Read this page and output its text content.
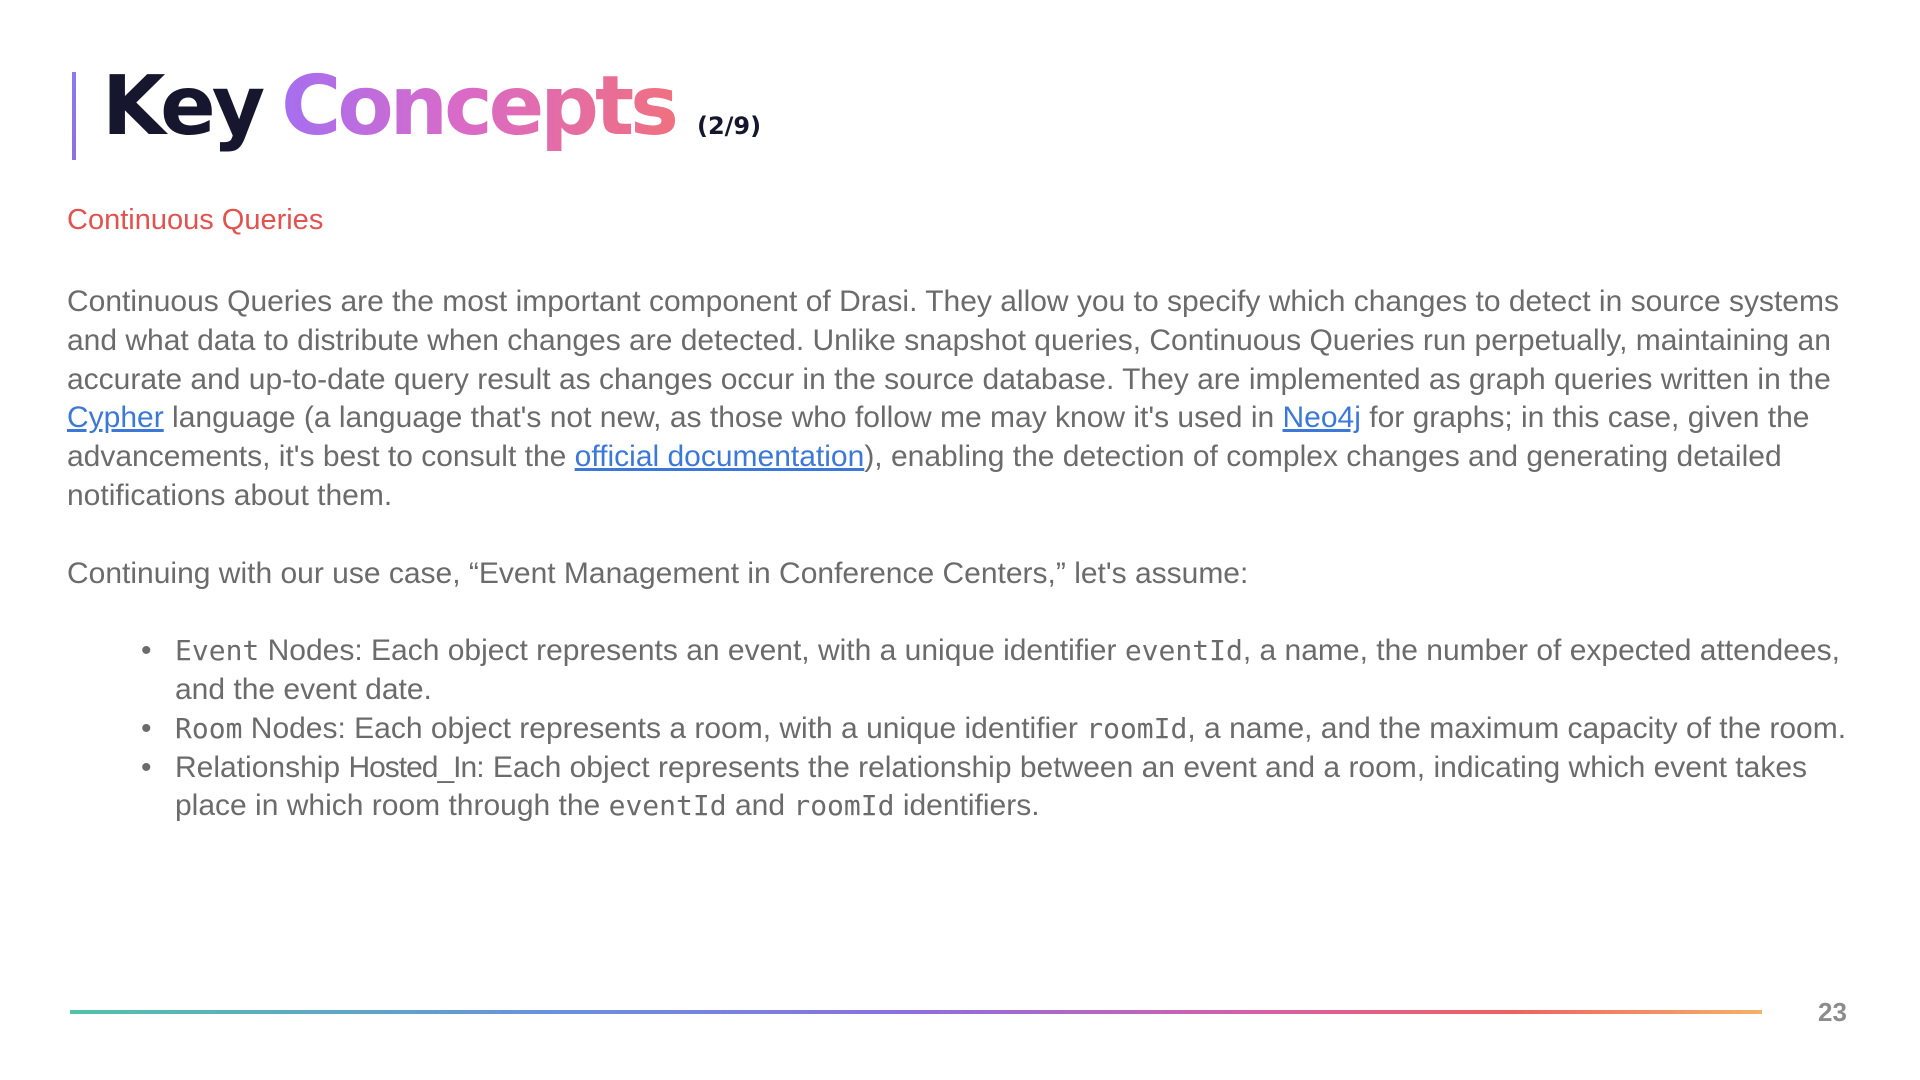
Key Concepts (2/9)
Continuous Queries

Continuous Queries are the most important component of Drasi. They allow you to specify which changes to detect in source systems and what data to distribute when changes are detected. Unlike snapshot queries, Continuous Queries run perpetually, maintaining an accurate and up-to-date query result as changes occur in the source database. They are implemented as graph queries written in the Cypher language (a language that's not new, as those who follow me may know it's used in Neo4j for graphs; in this case, given the advancements, it's best to consult the official documentation), enabling the detection of complex changes and generating detailed notifications about them.

Continuing with our use case, “Event Management in Conference Centers,” let's assume:

• Event Nodes: Each object represents an event, with a unique identifier eventId, a name, the number of expected attendees, and the event date.
• Room Nodes: Each object represents a room, with a unique identifier roomId, a name, and the maximum capacity of the room.
• Relationship Hosted_In: Each object represents the relationship between an event and a room, indicating which event takes place in which room through the eventId and roomId identifiers.
23
